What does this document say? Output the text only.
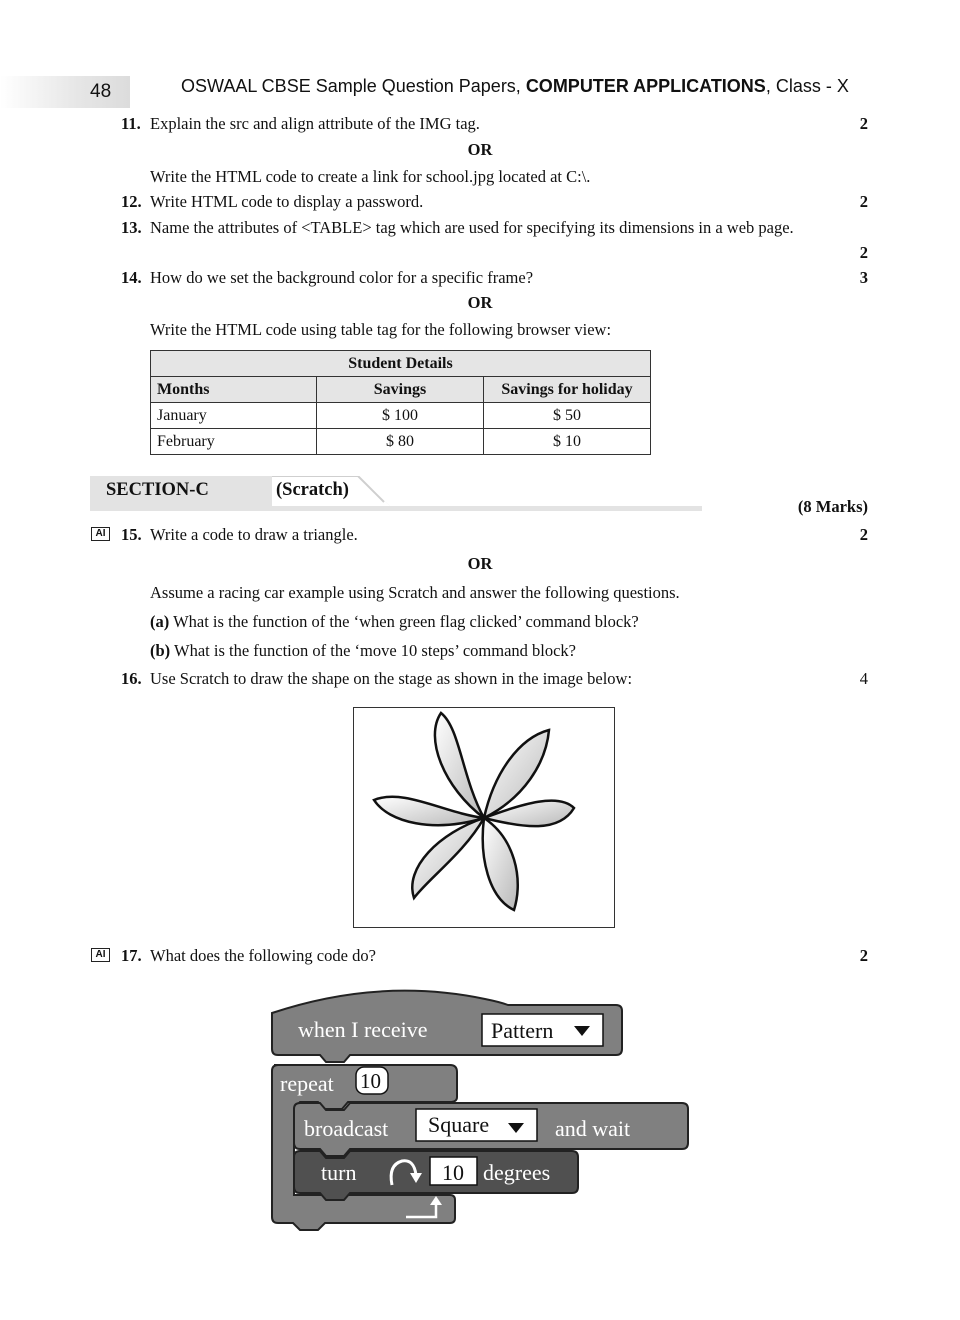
48	OSWAAL CBSE Sample Question Papers, COMPUTER APPLICATIONS, Class - X
11. Explain the src and align attribute of the IMG tag.	2
OR
Write the HTML code to create a link for school.jpg located at C:\.
12. Write HTML code to display a password.	2
13. Name the attributes of <TABLE> tag which are used for specifying its dimensions in a web page.
2
14. How do we set the background color for a specific frame?	3
OR
Write the HTML code using table tag for the following browser view:
Student Details		
Months	Savings	Savings for holiday
January	$ 100	$ 50
February	$ 80	$ 10
SECTION-C	(Scratch)
(8 Marks)
AI 15. Write a code to draw a triangle.	2
OR
Assume a racing car example using Scratch and answer the following questions.
(a) What is the function of the ‘when green flag clicked’ command block?
(b) What is the function of the ‘move 10 steps’ command block?
16. Use Scratch to draw the shape on the stage as shown in the image below:	4
AI 17. What does the following code do?	2
when I receive	Pattern
repeat 10
broadcast Square	and wait
turn	10 degrees
